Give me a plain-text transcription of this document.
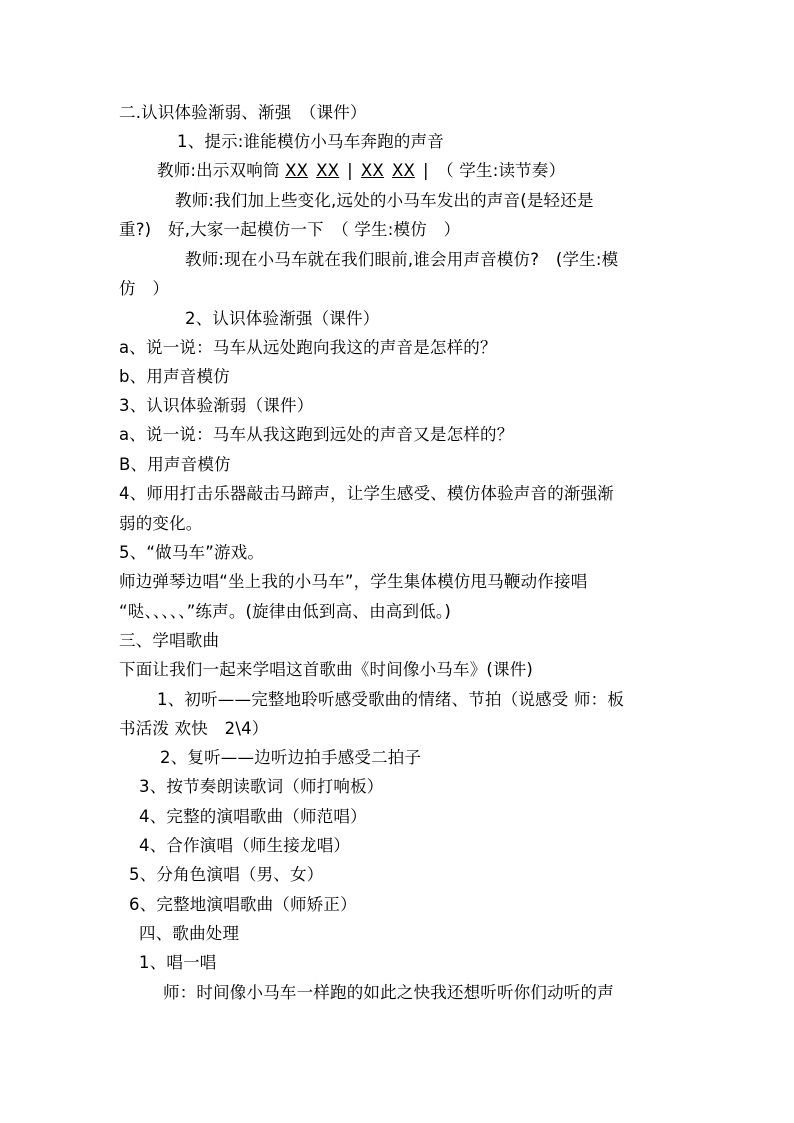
二.认识体验渐弱、渐强　（课件）
1、提示:谁能模仿小马车奔跑的声音
教师:出示双响筒 XX XX | XX XX |　（ 学生:读节奏）
教师:我们加上些变化,远处的小马车发出的声音(是轻还是
重?)　好,大家一起模仿一下　（ 学生:模仿　）
教师:现在小马车就在我们眼前,谁会用声音模仿?　(学生:模
仿　）
2、认识体验渐强（课件）
a、说一说：马车从远处跑向我这的声音是怎样的？
b、用声音模仿
3、认识体验渐弱（课件）
a、说一说：马车从我这跑到远处的声音又是怎样的？
B、用声音模仿
4、师用打击乐器敲击马蹄声，让学生感受、模仿体验声音的渐强渐
弱的变化。
5、“做马车”游戏。
师边弹琴边唱“坐上我的小马车”，学生集体模仿甩马鞭动作接唱
“哒、、、、、”练声。(旋律由低到高、由高到低。)
三、学唱歌曲
下面让我们一起来学唱这首歌曲《时间像小马车》(课件)
1、初听——完整地聆听感受歌曲的情绪、节拍（说感受 师：板
书活泼 欢快　2\4）
2、复听——边听边拍手感受二拍子
3、按节奏朗读歌词（师打响板）
4、完整的演唱歌曲（师范唱）
4、合作演唱（师生接龙唱）
5、分角色演唱（男、女）
6、完整地演唱歌曲（师矫正）
四、歌曲处理
1、唱一唱
师：时间像小马车一样跑的如此之快我还想听听你们动听的声
